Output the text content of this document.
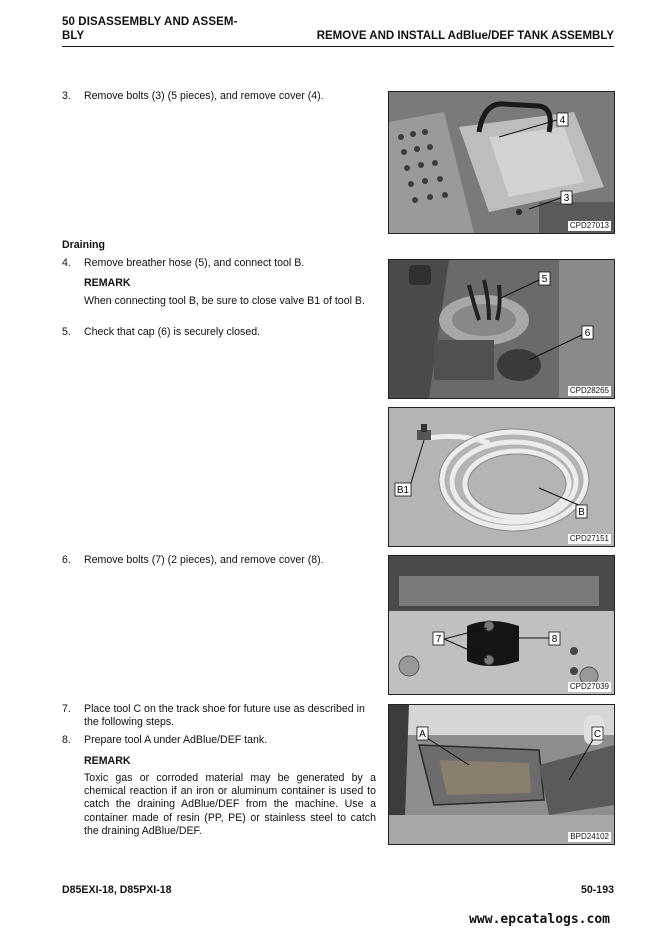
50 DISASSEMBLY AND ASSEM-BLY	REMOVE AND INSTALL AdBlue/DEF TANK ASSEMBLY
3. Remove bolts (3) (5 pieces), and remove cover (4).
4
3
CPD27013
Draining
4. Remove breather hose (5), and connect tool B.
REMARK
When connecting tool B, be sure to close valve B1 of tool B.
5. Check that cap (6) is securely closed.
5
6
CPD28265
B1
B
CPD27151
6. Remove bolts (7) (2 pieces), and remove cover (8).
7	8
CPD27039
7. Place tool C on the track shoe for future use as described in the following steps.
8. Prepare tool A under AdBlue/DEF tank.
REMARK
Toxic gas or corroded material may be generated by a chemical reaction if an iron or aluminum container is used to catch the draining AdBlue/DEF from the machine. Use a container made of resin (PP, PE) or stainless steel to catch the draining AdBlue/DEF.
A	C
BPD24102
D85EXI-18, D85PXI-18	50-193
www.epcatalogs.com
